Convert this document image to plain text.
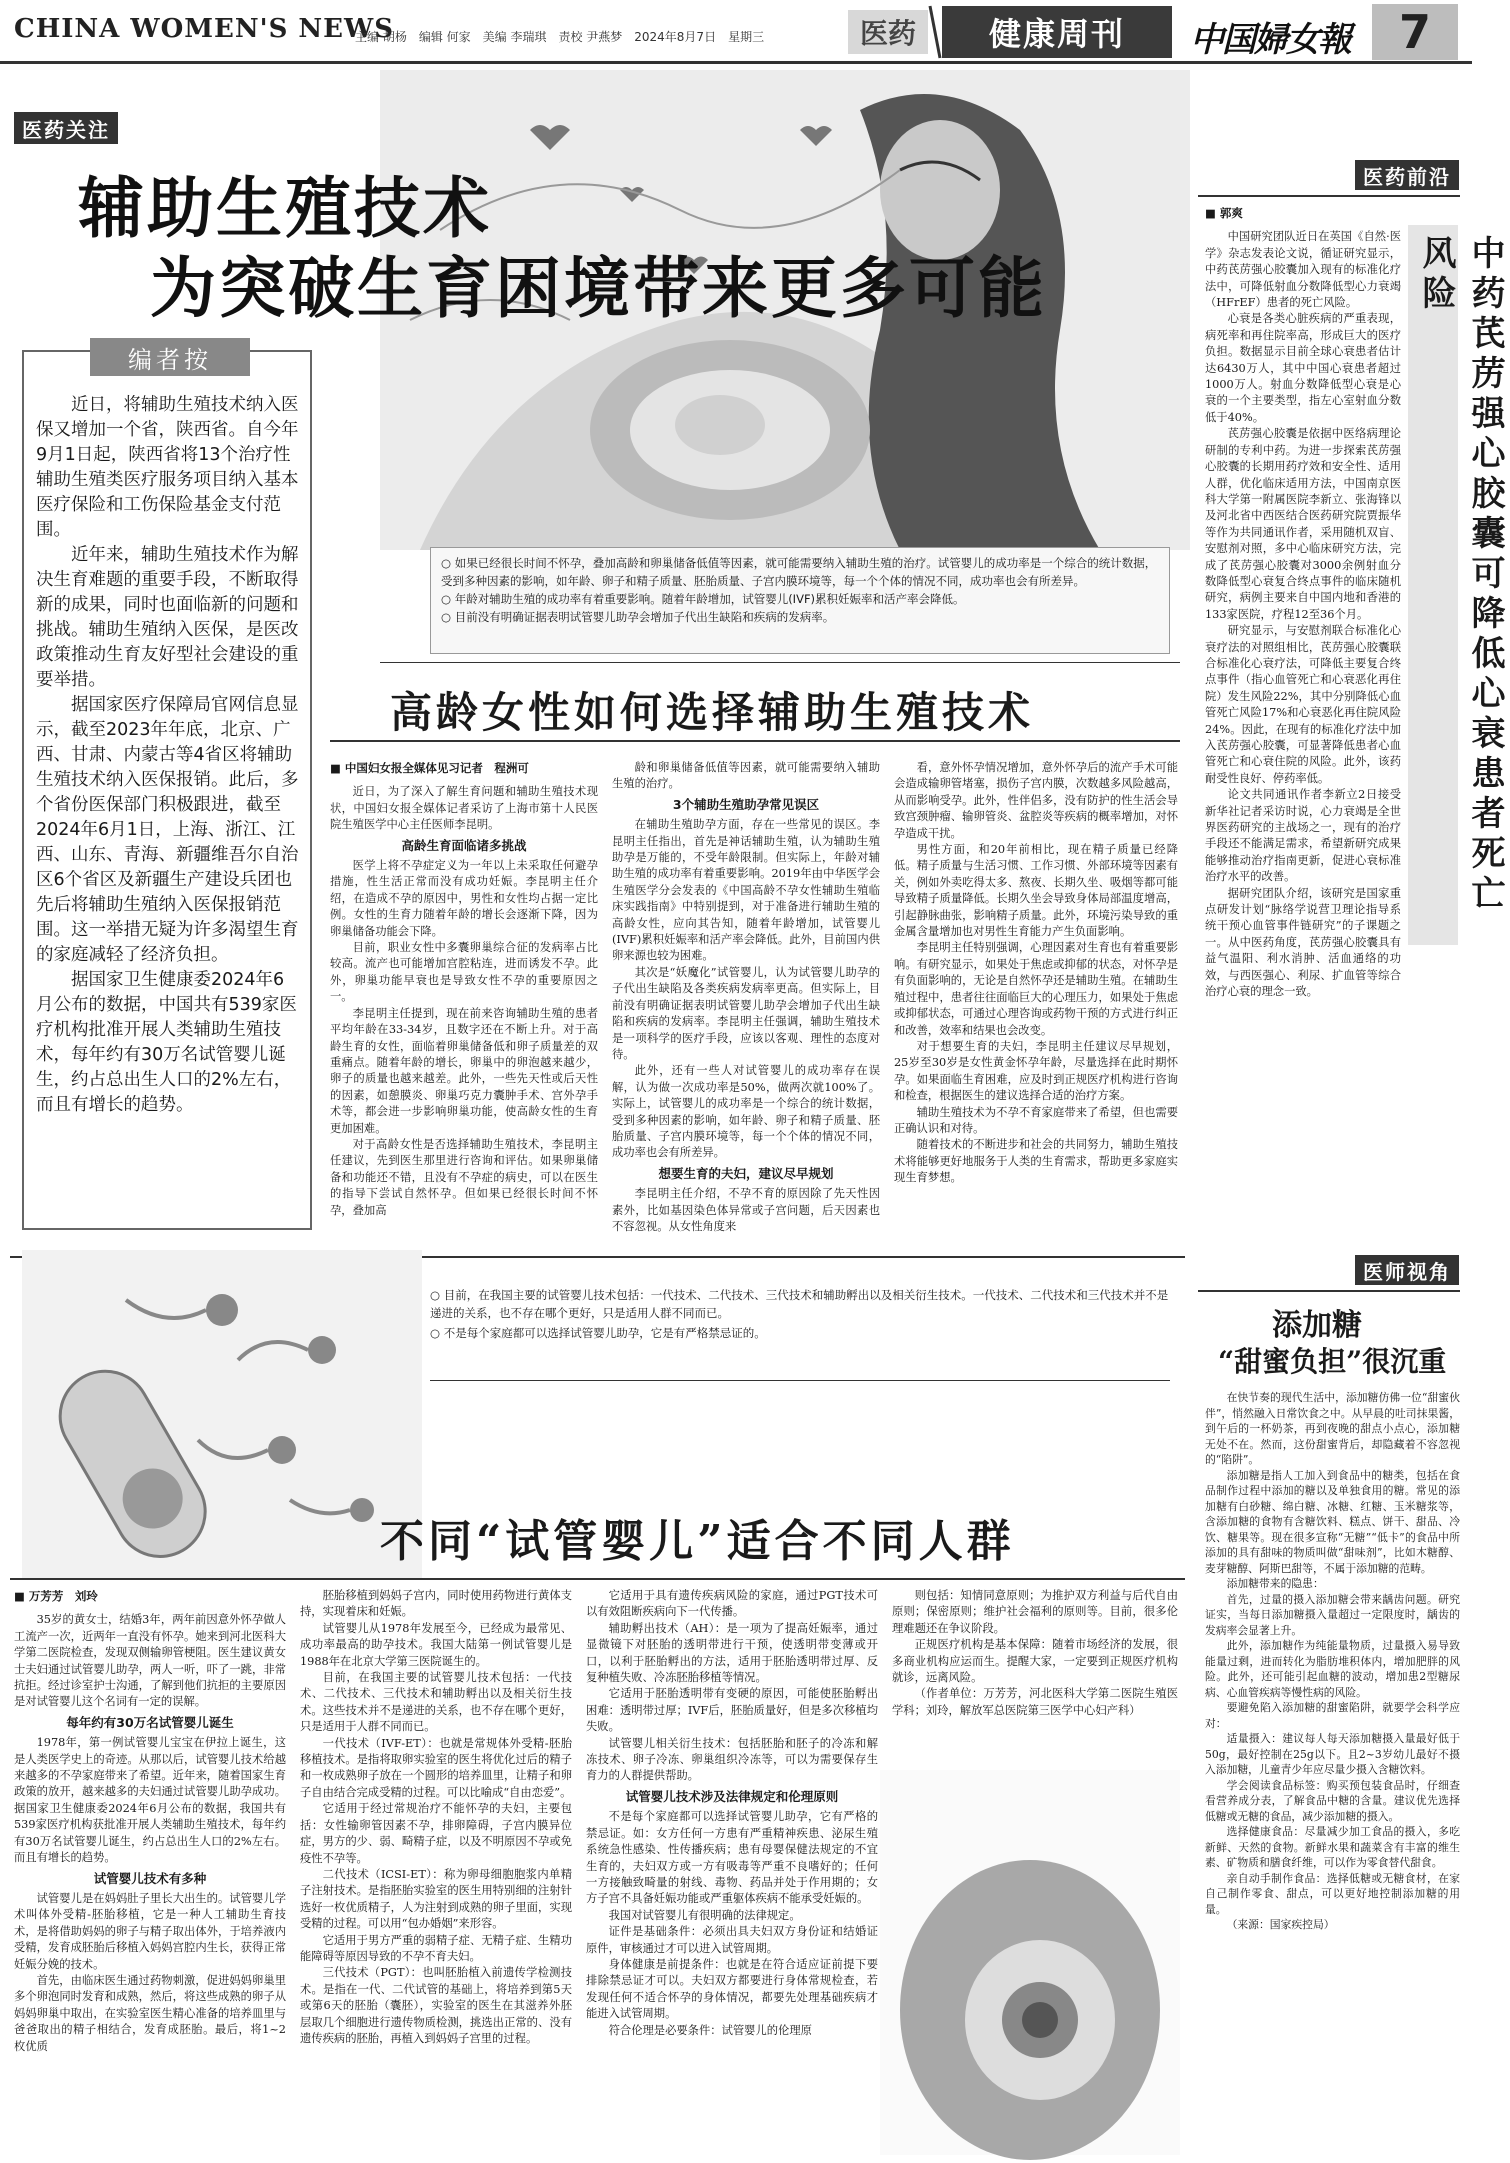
CHINA WOMEN'S NEWS
主编 胡杨　编辑 何家　美编 李瑞琪　责校 尹燕梦　2024年8月7日　星期三	医药	健康周刊	中国婦女報	7
医药关注
辅助生殖技术
为突破生育困境带来更多可能
编者按

近日，将辅助生殖技术纳入医保又增加一个省，陕西省。自今年9月1日起，陕西省将13个治疗性辅助生殖类医疗服务项目纳入基本医疗保险和工伤保险基金支付范围。

近年来，辅助生殖技术作为解决生育难题的重要手段，不断取得新的成果，同时也面临新的问题和挑战。辅助生殖纳入医保，是医改政策推动生育友好型社会建设的重要举措。

据国家医疗保障局官网信息显示，截至2023年年底，北京、广西、甘肃、内蒙古等4省区将辅助生殖技术纳入医保报销。此后，多个省份医保部门积极跟进，截至2024年6月1日，上海、浙江、江西、山东、青海、新疆维吾尔自治区6个省区及新疆生产建设兵团也先后将辅助生殖纳入医保报销范围。这一举措无疑为许多渴望生育的家庭减轻了经济负担。

据国家卫生健康委2024年6月公布的数据，中国共有539家医疗机构批准开展人类辅助生殖技术，每年约有30万名试管婴儿诞生，约占总出生人口的2%左右，而且有增长的趋势。

○ 如果已经很长时间不怀孕，叠加高龄和卵巢储备低值等因素，就可能需要纳入辅助生殖的治疗。试管婴儿的成功率是一个综合的统计数据，受到多种因素的影响，如年龄、卵子和精子质量、胚胎质量、子宫内膜环境等，每一个个体的情况不同，成功率也会有所差异。

○ 年龄对辅助生殖的成功率有着重要影响。随着年龄增加，试管婴儿(IVF)累积妊娠率和活产率会降低。

○ 目前没有明确证据表明试管婴儿助孕会增加子代出生缺陷和疾病的发病率。

高龄女性如何选择辅助生殖技术

■ 中国妇女报全媒体见习记者　程洲可

近日，为了深入了解生育问题和辅助生殖技术现状，中国妇女报全媒体记者采访了上海市第十人民医院生殖医学中心主任医师李昆明。

高龄生育面临诸多挑战

医学上将不孕症定义为一年以上未采取任何避孕措施，性生活正常而没有成功妊娠。李昆明主任介绍，在造成不孕的原因中，男性和女性均占据一定比例。女性的生育力随着年龄的增长会逐渐下降，因为卵巢储备功能会下降。

目前，职业女性中多囊卵巢综合征的发病率占比较高。流产也可能增加宫腔粘连，进而诱发不孕。此外，卵巢功能早衰也是导致女性不孕的重要原因之一。

李昆明主任提到，现在前来咨询辅助生殖的患者平均年龄在33-34岁，且数字还在不断上升。对于高龄生育的女性，面临着卵巢储备低和卵子质量差的双重痛点。随着年龄的增长，卵巢中的卵泡越来越少，卵子的质量也越来越差。此外，一些先天性或后天性的因素，如憩膜炎、卵巢巧克力囊肿手术、宫外孕手术等，都会进一步影响卵巢功能，使高龄女性的生育更加困难。

对于高龄女性是否选择辅助生殖技术，李昆明主任建议，先到医生那里进行咨询和评估。如果卵巢储备和功能还不错，且没有不孕症的病史，可以在医生的指导下尝试自然怀孕。但如果已经很长时间不怀孕，叠加高

龄和卵巢储备低值等因素，就可能需要纳入辅助生殖的治疗。

3个辅助生殖助孕常见误区

在辅助生殖助孕方面，存在一些常见的误区。李昆明主任指出，首先是神话辅助生殖，认为辅助生殖助孕是万能的，不受年龄限制。但实际上，年龄对辅助生殖的成功率有着重要影响。2019年由中华医学会生殖医学分会发表的《中国高龄不孕女性辅助生殖临床实践指南》中特别提到，对于准备进行辅助生殖的高龄女性，应向其告知，随着年龄增加，试管婴儿(IVF)累积妊娠率和活产率会降低。此外，目前国内供卵来源也较为困难。

其次是“妖魔化”试管婴儿，认为试管婴儿助孕的子代出生缺陷及各类疾病发病率更高。但实际上，目前没有明确证据表明试管婴儿助孕会增加子代出生缺陷和疾病的发病率。李昆明主任强调，辅助生殖技术是一项科学的医疗手段，应该以客观、理性的态度对待。

此外，还有一些人对试管婴儿的成功率存在误解，认为做一次成功率是50%，做两次就100%了。实际上，试管婴儿的成功率是一个综合的统计数据，受到多种因素的影响，如年龄、卵子和精子质量、胚胎质量、子宫内膜环境等，每一个个体的情况不同，成功率也会有所差异。

想要生育的夫妇，建议尽早规划

李昆明主任介绍，不孕不育的原因除了先天性因素外，比如基因染色体异常或子宫问题，后天因素也不容忽视。从女性角度来

看，意外怀孕情况增加，意外怀孕后的流产手术可能会造成输卵管堵塞，损伤子宫内膜，次数越多风险越高，从而影响受孕。此外，性伴侣多，没有防护的性生活会导致宫颈肿瘤、输卵管炎、盆腔炎等疾病的概率增加，对怀孕造成干扰。

男性方面，和20年前相比，现在精子质量已经降低。精子质量与生活习惯、工作习惯、外部环境等因素有关，例如外卖吃得太多、熬夜、长期久坐、吸烟等都可能导致精子质量降低。长期久坐会导致身体局部温度增高，引起静脉曲张，影响精子质量。此外，环境污染导致的重金属含量增加也对男性生育能力产生负面影响。

李昆明主任特别强调，心理因素对生育也有着重要影响。有研究显示，如果处于焦虑或抑郁的状态，对怀孕是有负面影响的，无论是自然怀孕还是辅助生殖。在辅助生殖过程中，患者往往面临巨大的心理压力，如果处于焦虑或抑郁状态，可通过心理咨询或药物干预的方式进行纠正和改善，效率和结果也会改变。

对于想要生育的夫妇，李昆明主任建议尽早规划，25岁至30岁是女性黄金怀孕年龄，尽量选择在此时期怀孕。如果面临生育困难，应及时到正规医疗机构进行咨询和检查，根据医生的建议选择合适的治疗方案。

辅助生殖技术为不孕不育家庭带来了希望，但也需要正确认识和对待。

随着技术的不断进步和社会的共同努力，辅助生殖技术将能够更好地服务于人类的生育需求，帮助更多家庭实现生育梦想。

医药前沿
中药芪苈强心胶囊可降低心衰患者死亡风险

■ 郭爽

中国研究团队近日在英国《自然·医学》杂志发表论文说，循证研究显示，中药芪苈强心胶囊加入现有的标准化疗法中，可降低射血分数降低型心力衰竭（HFrEF）患者的死亡风险。

心衰是各类心脏疾病的严重表现，病死率和再住院率高，形成巨大的医疗负担。数据显示目前全球心衰患者估计达6430万人，其中中国心衰患者超过1000万人。射血分数降低型心衰是心衰的一个主要类型，指左心室射血分数低于40%。

芪苈强心胶囊是依据中医络病理论研制的专利中药。为进一步探索芪苈强心胶囊的长期用药疗效和安全性、适用人群，优化临床适用方法，中国南京医科大学第一附属医院李新立、张海锋以及河北省中西医结合医药研究院贾振华等作为共同通讯作者，采用随机双盲、安慰剂对照，多中心临床研究方法，完成了芪苈强心胶囊对3000余例射血分数降低型心衰复合终点事件的临床随机研究，病例主要来自中国内地和香港的133家医院，疗程12至36个月。

研究显示，与安慰剂联合标准化心衰疗法的对照组相比，芪苈强心胶囊联合标准化心衰疗法，可降低主要复合终点事件（指心血管死亡和心衰恶化再住院）发生风险22%，其中分别降低心血管死亡风险17%和心衰恶化再住院风险24%。因此，在现有的标准化疗法中加入芪苈强心胶囊，可显著降低患者心血管死亡和心衰住院的风险。此外，该药耐受性良好、停药率低。

论文共同通讯作者李新立2日接受新华社记者采访时说，心力衰竭是全世界医药研究的主战场之一，现有的治疗手段还不能满足需求，希望新研究成果能够推动治疗指南更新，促进心衰标准治疗水平的改善。

据研究团队介绍，该研究是国家重点研发计划“脉络学说营卫理论指导系统干预心血管事件链研究”的子课题之一。从中医药角度，芪苈强心胶囊具有益气温阳、利水消肿、活血通络的功效，与西医强心、利尿、扩血管等综合治疗心衰的理念一致。

○ 目前，在我国主要的试管婴儿技术包括：一代技术、二代技术、三代技术和辅助孵出以及相关衍生技术。一代技术、二代技术和三代技术并不是递进的关系，也不存在哪个更好，只是适用人群不同而已。

○ 不是每个家庭都可以选择试管婴儿助孕，它是有严格禁忌证的。

不同“试管婴儿”适合不同人群

■ 万芳芳　刘玲

35岁的黄女士，结婚3年，两年前因意外怀孕做人工流产一次，近两年一直没有怀孕。她来到河北医科大学第二医院检查，发现双侧输卵管梗阻。医生建议黄女士夫妇通过试管婴儿助孕，两人一听，吓了一跳，非常抗拒。经过诊室护士沟通，了解到他们抗拒的主要原因是对试管婴儿这个名词有一定的误解。

每年约有30万名试管婴儿诞生

1978年，第一例试管婴儿宝宝在伊拉上诞生，这是人类医学史上的奇迹。从那以后，试管婴儿技术给越来越多的不孕家庭带来了希望。近年来，随着国家生育政策的放开，越来越多的夫妇通过试管婴儿助孕成功。据国家卫生健康委2024年6月公布的数据，我国共有539家医疗机构获批准开展人类辅助生殖技术，每年约有30万名试管婴儿诞生，约占总出生人口的2%左右。而且有增长的趋势。

试管婴儿技术有多种

试管婴儿是在妈妈肚子里长大出生的。试管婴儿学术叫体外受精-胚胎移植，它是一种人工辅助生育技术，是将借助妈妈的卵子与精子取出体外，于培养液内受精，发育成胚胎后移植入妈妈宫腔内生长，获得正常妊娠分娩的技术。

首先，由临床医生通过药物刺激，促进妈妈卵巢里多个卵泡同时发育和成熟，然后，将这些成熟的卵子从妈妈卵巢中取出，在实验室医生精心准备的培养皿里与爸爸取出的精子相结合，发育成胚胎。最后，将1~2枚优质

胚胎移植到妈妈子宫内，同时使用药物进行黄体支持，实现着床和妊娠。

试管婴儿从1978年发展至今，已经成为最常见、成功率最高的助孕技术。我国大陆第一例试管婴儿是1988年在北京大学第三医院诞生的。

目前，在我国主要的试管婴儿技术包括：一代技术、二代技术、三代技术和辅助孵出以及相关衍生技术。这些技术并不是递进的关系，也不存在哪个更好，只是适用于人群不同而已。

一代技术（IVF-ET）：也就是常规体外受精-胚胎移植技术。是指将取卵实验室的医生将优化过后的精子和一枚成熟卵子放在一个圆形的培养皿里，让精子和卵子自由结合完成受精的过程。可以比喻成“自由恋爱”。

它适用于经过常规治疗不能怀孕的夫妇，主要包括：女性输卵管因素不孕，排卵障碍，子宫内膜异位症，男方的少、弱、畸精子症，以及不明原因不孕或免疫性不孕等。

二代技术（ICSI-ET）：称为卵母细胞胞浆内单精子注射技术。是指胚胎实验室的医生用特别细的注射针选好一枚优质精子，人为注射到成熟的卵子里面，实现受精的过程。可以用“包办婚姻”来形容。

它适用于男方严重的弱精子症、无精子症、生精功能障碍等原因导致的不孕不育夫妇。

三代技术（PGT）：也叫胚胎植入前遗传学检测技术。是指在一代、二代试管的基础上，将培养到第5天或第6天的胚胎（囊胚），实验室的医生在其滋养外胚层取几个细胞进行遗传物质检测，挑选出正常的、没有遗传疾病的胚胎，再植入到妈妈子宫里的过程。

它适用于具有遗传疾病风险的家庭，通过PGT技术可以有效阻断疾病向下一代传播。

辅助孵出技术（AH）：是一项为了提高妊娠率，通过显微镜下对胚胎的透明带进行干预，使透明带变薄或开口，以利于胚胎孵出的方法，适用于胚胎透明带过厚、反复种植失败、冷冻胚胎移植等情况。

它适用于胚胎透明带有变硬的原因，可能使胚胎孵出困难：透明带过厚；IVF后，胚胎质量好，但是多次移植均失败。

试管婴儿相关衍生技术：包括胚胎和胚子的冷冻和解冻技术、卵子冷冻、卵巢组织冷冻等，可以为需要保存生育力的人群提供帮助。

试管婴儿技术涉及法律规定和伦理原则

不是每个家庭都可以选择试管婴儿助孕，它有严格的禁忌证。如：女方任何一方患有严重精神疾患、泌尿生殖系统急性感染、性传播疾病；患有母婴保健法规定的不宜生育的，夫妇双方或一方有吸毒等严重不良嗜好的；任何一方接触致畸量的射线、毒物、药品并处于作用期的；女方子宫不具备妊娠功能或严重躯体疾病不能承受妊娠的。

我国对试管婴儿有很明确的法律规定。

证件是基础条件：必须出具夫妇双方身份证和结婚证原件，审核通过才可以进入试管周期。

身体健康是前提条件：也就是在符合适应证前提下要排除禁忌证才可以。夫妇双方都要进行身体常规检查，若发现任何不适合怀孕的身体情况，都要先处理基础疾病才能进入试管周期。

符合伦理是必要条件：试管婴儿的伦理原

则包括：知情同意原则；为推护双方利益与后代自由原则；保密原则；维护社会福利的原则等。目前，很多伦理难题还在争议阶段。

正规医疗机构是基本保障：随着市场经济的发展，很多商业机构应运而生。提醒大家，一定要到正规医疗机构就诊，远离风险。

（作者单位：万芳芳，河北医科大学第二医院生殖医学科；刘玲，解放军总医院第三医学中心妇产科）

医师视角
添加糖
“甜蜜负担”很沉重

在快节奏的现代生活中，添加糖仿佛一位“甜蜜伙伴”，悄然融入日常饮食之中。从早晨的吐司抹果酱，到午后的一杯奶茶，再到夜晚的甜点小点心，添加糖无处不在。然而，这份甜蜜背后，却隐藏着不容忽视的“陷阱”。

添加糖是指人工加入到食品中的糖类，包括在食品制作过程中添加的糖以及单独食用的糖。常见的添加糖有白砂糖、绵白糖、冰糖、红糖、玉米糖浆等，含添加糖的食物有含糖饮料、糕点、饼干、甜品、冷饮、糖果等。现在很多宣称“无糖”“低卡”的食品中所添加的具有甜味的物质叫做“甜味剂”，比如木糖醇、麦芽糖醇、阿斯巴甜等，不属于添加糖的范畴。

添加糖带来的隐患：

首先，过量的摄入添加糖会带来龋齿问题。研究证实，当每日添加糖摄入量超过一定限度时，龋齿的发病率会显著上升。

此外，添加糖作为纯能量物质，过量摄入易导致能量过剩，进而转化为脂肪堆积体内，增加肥胖的风险。此外，还可能引起血糖的波动，增加患2型糖尿病、心血管疾病等慢性病的风险。

要避免陷入添加糖的甜蜜陷阱，就要学会科学应对：

适量摄入：建议每人每天添加糖摄入量最好低于50g，最好控制在25g以下。且2~3岁幼儿最好不摄入添加糖，儿童青少年应尽量少摄入含糖饮料。

学会阅读食品标签：购买预包装食品时，仔细查看营养成分表，了解食品中糖的含量。建议优先选择低糖或无糖的食品，减少添加糖的摄入。

选择健康食品：尽量减少加工食品的摄入，多吃新鲜、天然的食物。新鲜水果和蔬菜含有丰富的维生素、矿物质和膳食纤维，可以作为零食替代甜食。

亲自动手制作食品：选择低糖或无糖食材，在家自己制作零食、甜点，可以更好地控制添加糖的用量。

（来源：国家疾控局）
